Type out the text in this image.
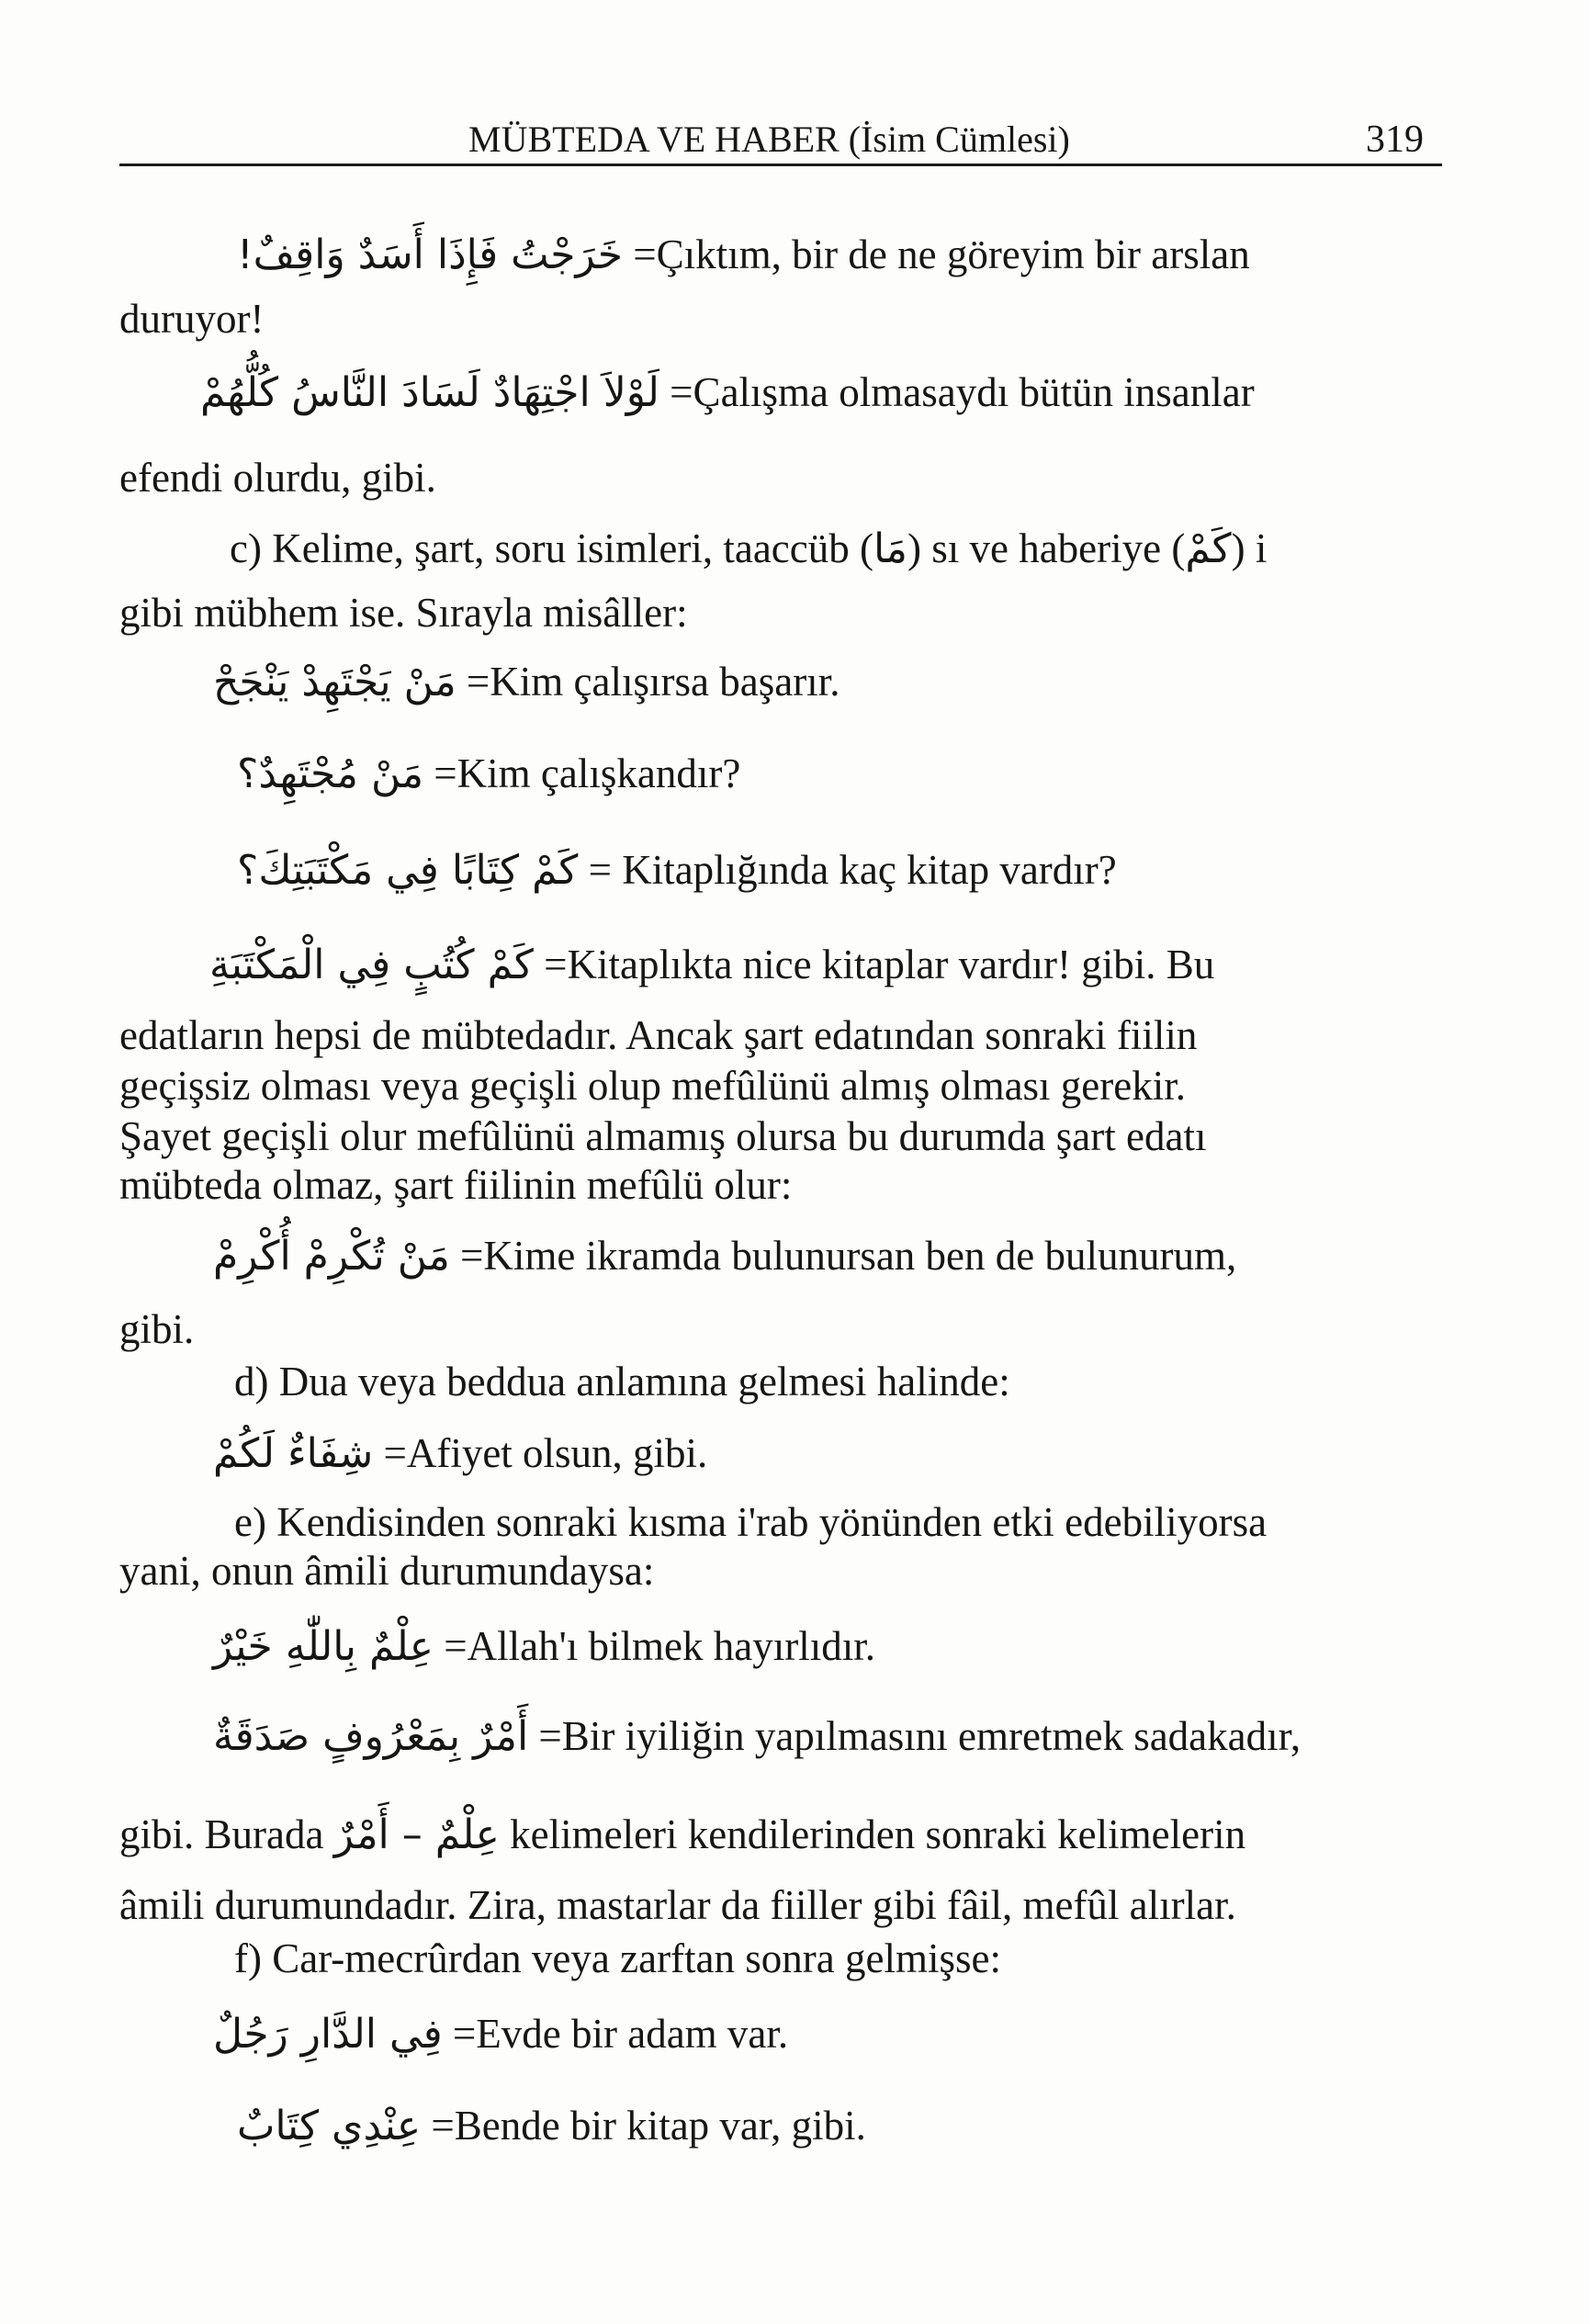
MÜBTEDA VE HABER (İsim Cümlesi)	319
خَرَجْتُ فَإِذَا أَسَدٌ وَاقِفٌ! =Çıktım, bir de ne göreyim bir arslan
duruyor!
لَوْلاَ اجْتِهَادٌ لَسَادَ النَّاسُ كُلُّهُمْ =Çalışma olmasaydı bütün insanlar
efendi olurdu, gibi.
c) Kelime, şart, soru isimleri, taaccüb (مَا) sı ve haberiye (كَمْ) i
gibi mübhem ise. Sırayla misâller:
مَنْ يَجْتَهِدْ يَنْجَحْ =Kim çalışırsa başarır.
مَنْ مُجْتَهِدٌ؟ =Kim çalışkandır?
كَمْ كِتَابًا فِي مَكْتَبَتِكَ؟ = Kitaplığında kaç kitap vardır?
كَمْ كُتُبٍ فِي الْمَكْتَبَةِ =Kitaplıkta nice kitaplar vardır! gibi. Bu
edatların hepsi de mübtedadır. Ancak şart edatından sonraki fiilin
geçişsiz olması veya geçişli olup mefûlünü almış olması gerekir.
Şayet geçişli olur mefûlünü almamış olursa bu durumda şart edatı
mübteda olmaz, şart fiilinin mefûlü olur:
مَنْ تُكْرِمْ أُكْرِمْ =Kime ikramda bulunursan ben de bulunurum,
gibi.
d) Dua veya beddua anlamına gelmesi halinde:
شِفَاءٌ لَكُمْ =Afiyet olsun, gibi.
e) Kendisinden sonraki kısma i'rab yönünden etki edebiliyorsa
yani, onun âmili durumundaysa:
عِلْمٌ بِاللّٰهِ خَيْرٌ =Allah'ı bilmek hayırlıdır.
أَمْرٌ بِمَعْرُوفٍ صَدَقَةٌ =Bir iyiliğin yapılmasını emretmek sadakadır,
gibi. Burada عِلْمٌ – أَمْرٌ kelimeleri kendilerinden sonraki kelimelerin
âmili durumundadır. Zira, mastarlar da fiiller gibi fâil, mefûl alırlar.
f) Car-mecrûrdan veya zarftan sonra gelmişse:
فِي الدَّارِ رَجُلٌ =Evde bir adam var.
عِنْدِي كِتَابٌ =Bende bir kitap var, gibi.
